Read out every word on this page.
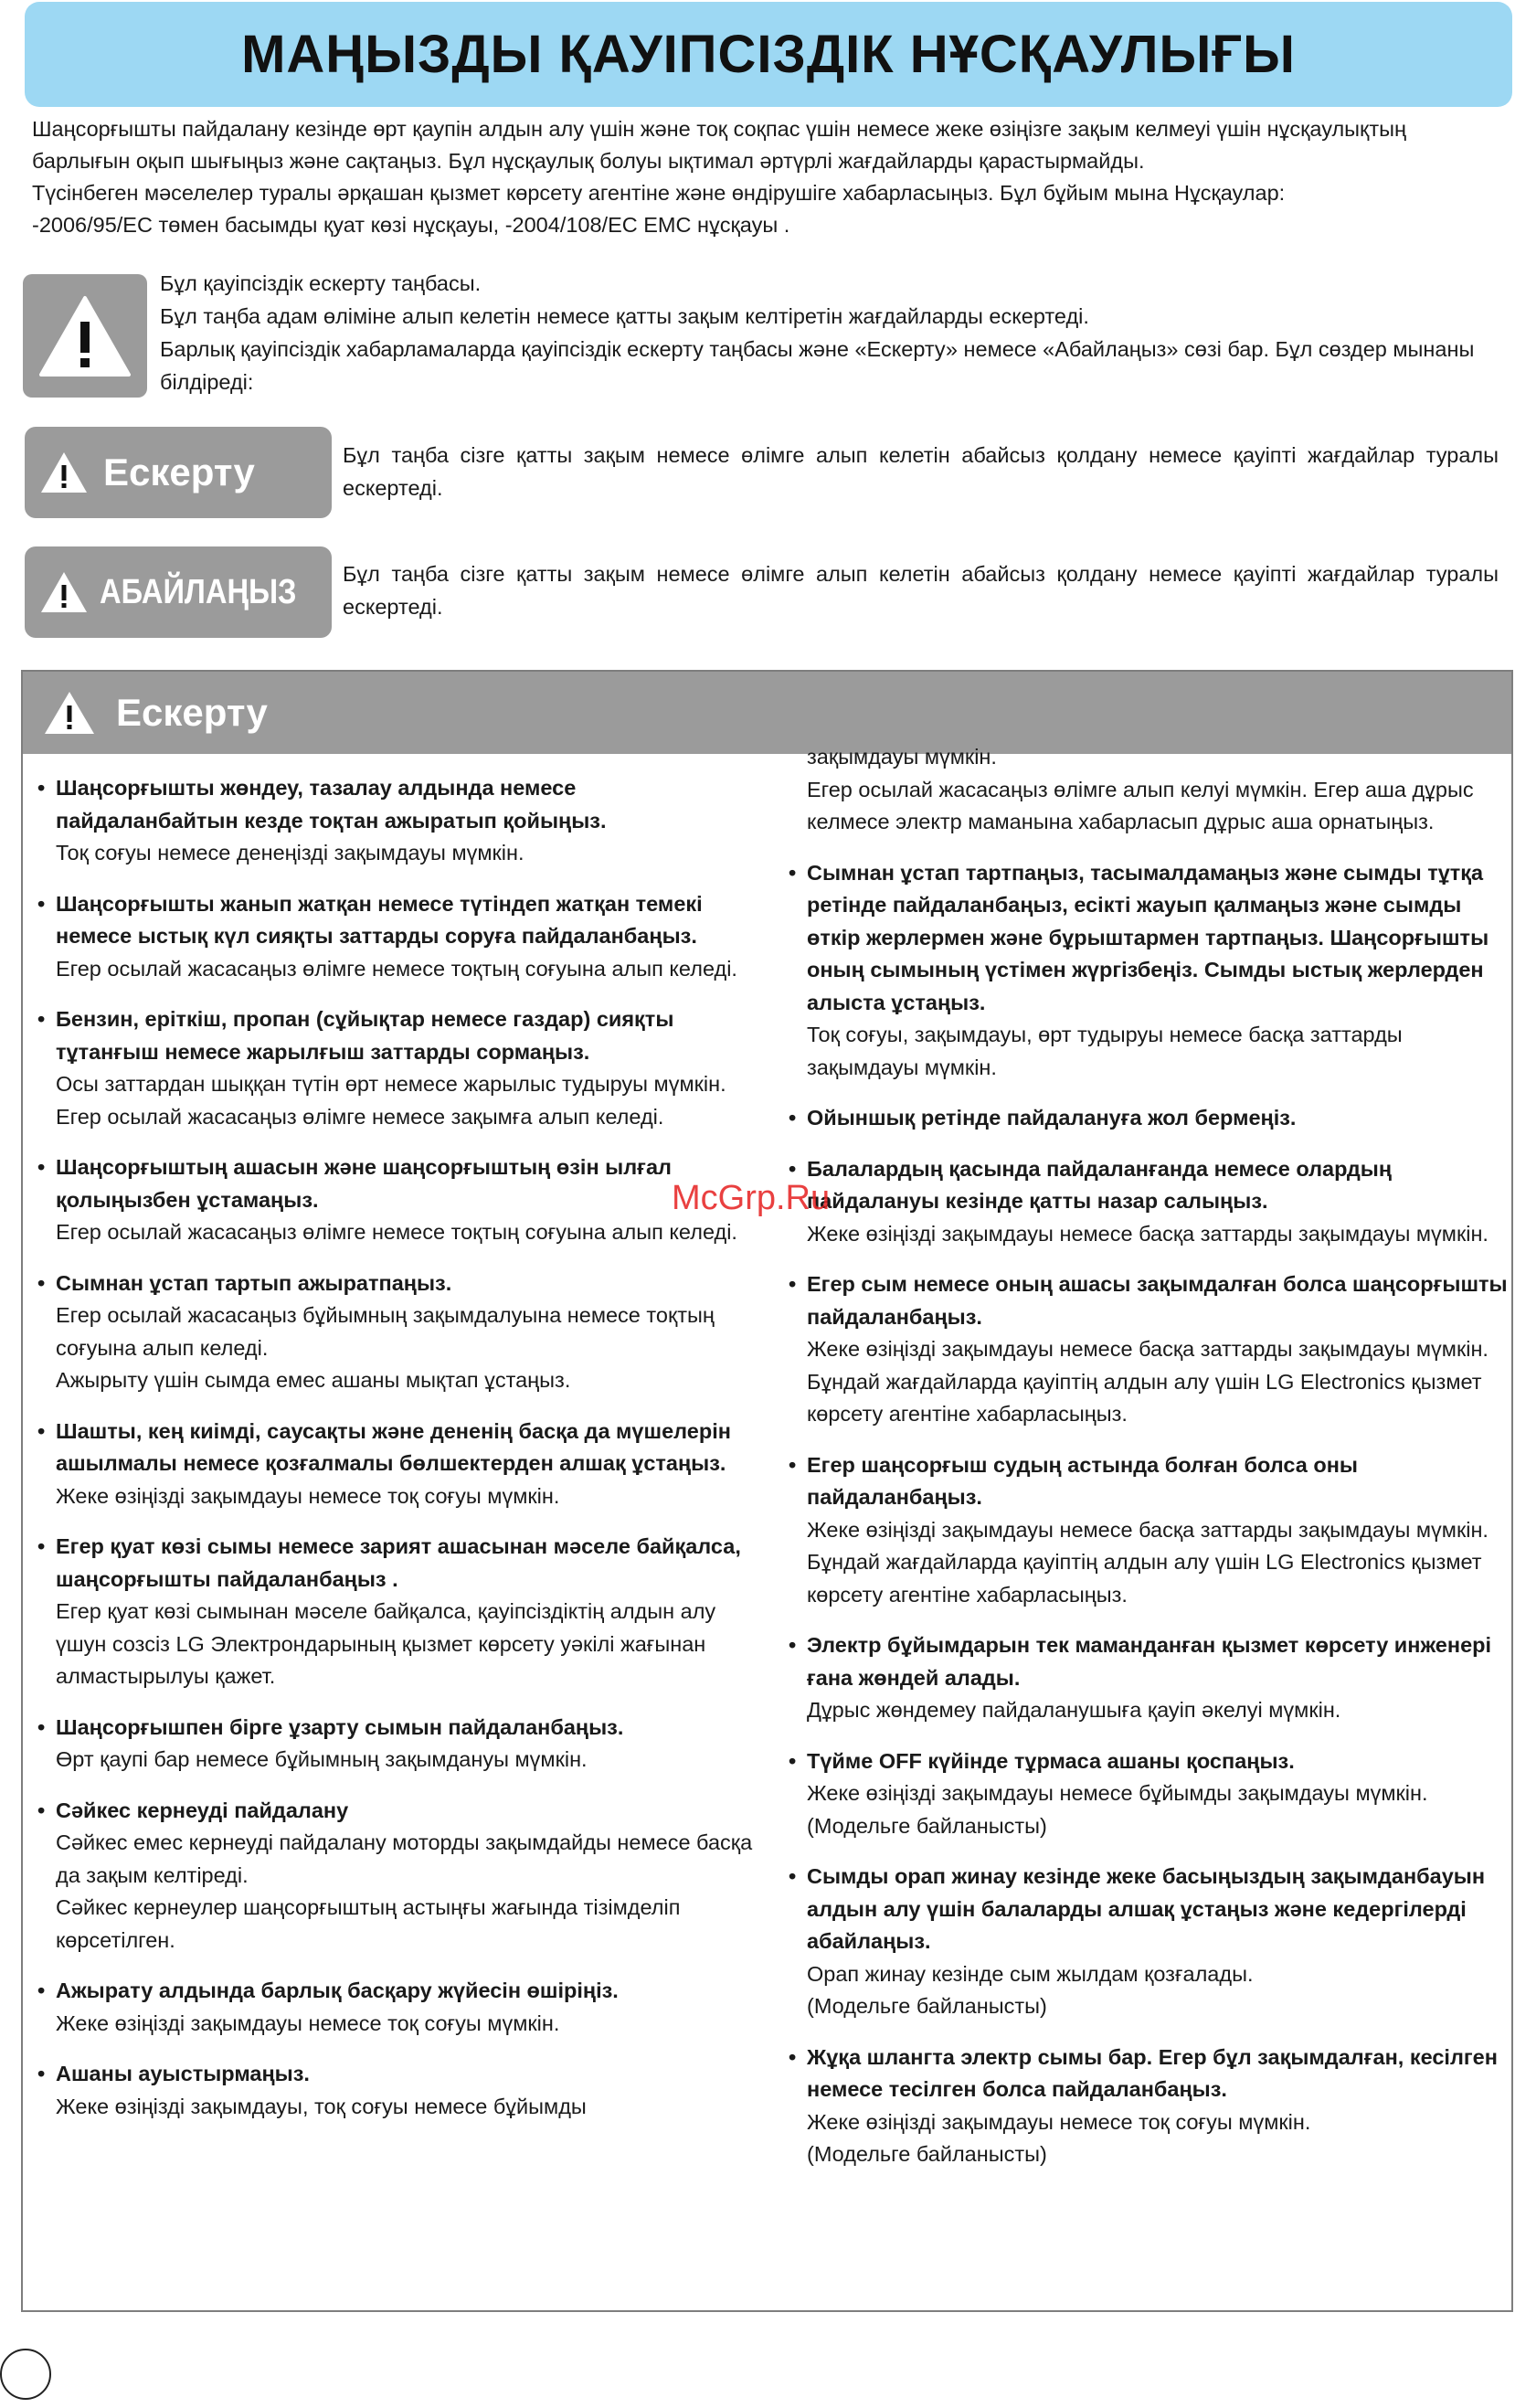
МАҢЫЗДЫ ҚАУІПСІЗДІК НҰСҚАУЛЫҒЫ

Шаңсорғышты пайдалану кезінде өрт қаупін алдын алу үшін және тоқ соқпас үшін немесе жеке өзіңізге зақым келмеуі үшін нұсқаулықтың барлығын оқып шығыңыз және сақтаңыз. Бұл нұсқаулық болуы ықтимал әртүрлі жағдайларды қарастырмайды.

Түсінбеген мәселелер туралы әрқашан қызмет көрсету агентіне және өндірушіге хабарласыңыз. Бұл бұйым мына Нұсқаулар:

-2006/95/EC төмен басымды қуат көзі нұсқауы, -2004/108/EC EMC нұсқауы .

Бұл қауіпсіздік ескерту таңбасы.

Бұл таңба адам өліміне алып келетін немесе қатты зақым келтіретін жағдайларды ескертеді.

Барлық қауіпсіздік хабарламаларда қауіпсіздік ескерту таңбасы және «Ескерту» немесе «Абайлаңыз» сөзі бар. Бұл сөздер мынаны білдіреді:

Ескерту	Бұл таңба сізге қатты зақым немесе өлімге алып келетін абайсыз қолдану немесе қауіпті жағдайлар туралы ескертеді.
АБАЙЛАҢЫЗ Бұл таңба сізге қатты зақым немесе өлімге алып келетін абайсыз қолдану немесе қауіпті жағдайлар туралы ескертеді.
Ескерту
• Шаңсорғышты жөндеу, тазалау алдында немесе пайдаланбайтын кезде тоқтан ажыратып қойыңыз.
Тоқ соғуы немесе денеңізді зақымдауы мүмкін.
• Шаңсорғышты жанып жатқан немесе түтіндеп жатқан темекі немесе ыстық күл сияқты заттарды соруға пайдаланбаңыз.
Егер осылай жасасаңыз өлімге немесе тоқтың соғуына алып келеді.
• Бензин, еріткіш, пропан (сұйықтар немесе газдар) сияқты тұтанғыш немесе жарылғыш заттарды сормаңыз.
Осы заттардан шыққан түтін өрт немесе жарылыс тудыруы мүмкін.
Егер осылай жасасаңыз өлімге немесе зақымға алып келеді.
• Шаңсорғыштың ашасын және шаңсорғыштың өзін ылғал қолыңызбен ұстамаңыз.
Егер осылай жасасаңыз өлімге немесе тоқтың соғуына алып келеді.
• Сымнан ұстап тартып ажыратпаңыз.
Егер осылай жасасаңыз бұйымның зақымдалуына немесе тоқтың соғуына алып келеді.
Ажырыту үшін сымда емес ашаны мықтап ұстаңыз.
• Шашты, кең киімді, саусақты және дененің басқа да мүшелерін ашылмалы немесе қозғалмалы бөлшектерден алшақ ұстаңыз.
Жеке өзіңізді зақымдауы немесе тоқ соғуы мүмкін.
• Егер қуат көзі сымы немесе зарият ашасынан мәселе байқалса, шаңсорғышты пайдаланбаңыз .
Егер қуат көзі сымынан мәселе байқалса, қауіпсіздіктің алдын алу үшун созсіз LG Электрондарының қызмет көрсету уәкілі жағынан алмастырылуы қажет.
• Шаңсорғышпен бірге ұзарту сымын пайдаланбаңыз.
Өрт қаупі бар немесе бұйымның зақымдануы мүмкін.
• Сәйкес кернеуді пайдалану
Сәйкес емес кернеуді пайдалану моторды зақымдайды немесе басқа да зақым келтіреді.
Сәйкес кернеулер шаңсорғыштың астыңғы жағында тізімделіп көрсетілген.
• Ажырату алдында барлық басқару жүйесін өшіріңіз.
Жеке өзіңізді зақымдауы немесе тоқ соғуы мүмкін.
• Ашаны ауыстырмаңыз.
Жеке өзіңізді зақымдауы, тоқ соғуы немесе бұйымды
зақымдауы мүмкін.
Егер осылай жасасаңыз өлімге алып келуі мүмкін. Егер аша дұрыс келмесе электр маманына хабарласып дұрыс аша орнатыңыз.
• Сымнан ұстап тартпаңыз, тасымалдамаңыз және сымды тұтқа ретінде пайдаланбаңыз, есікті жауып қалмаңыз және сымды өткір жерлермен және бұрыштармен тартпаңыз. Шаңсорғышты оның сымының үстімен жүргізбеңіз. Сымды ыстық жерлерден алыста ұстаңыз.
Тоқ соғуы, зақымдауы, өрт тудыруы немесе басқа заттарды зақымдауы мүмкін.
• Ойыншық ретінде пайдалануға жол бермеңіз.
• Балалардың қасында пайдаланғанда немесе олардың пайдалануы кезінде қатты назар салыңыз.
Жеке өзіңізді зақымдауы немесе басқа заттарды зақымдауы мүмкін.
• Егер сым немесе оның ашасы зақымдалған болса шаңсорғышты пайдаланбаңыз.
Жеке өзіңізді зақымдауы немесе басқа заттарды зақымдауы мүмкін.
Бұндай жағдайларда қауіптің алдын алу үшін LG Electronics қызмет көрсету агентіне хабарласыңыз.
• Егер шаңсорғыш судың астында болған болса оны пайдаланбаңыз.
Жеке өзіңізді зақымдауы немесе басқа заттарды зақымдауы мүмкін.
Бұндай жағдайларда қауіптің алдын алу үшін LG Electronics қызмет көрсету агентіне хабарласыңыз.
• Электр бұйымдарын тек маманданған қызмет көрсету инженері ғана жөндей алады.
Дұрыс жөндемеу пайдаланушыға қауіп әкелуі мүмкін.
• Түйме OFF күйінде тұрмаса ашаны қоспаңыз.
Жеке өзіңізді зақымдауы немесе бұйымды зақымдауы мүмкін. (Модельге байланысты)
• Сымды орап жинау кезінде жеке басыңыздың зақымданбауын алдын алу үшін балаларды алшақ ұстаңыз және кедергілерді абайлаңыз.
Орап жинау кезінде сым жылдам қозғалады.
(Модельге байланысты)
• Жұқа шлангта электр сымы бар. Егер бұл зақымдалған, кесілген немесе тесілген болса пайдаланбаңыз.
Жеке өзіңізді зақымдауы немесе тоқ соғуы мүмкін.
(Модельге байланысты)
McGrp.Ru
